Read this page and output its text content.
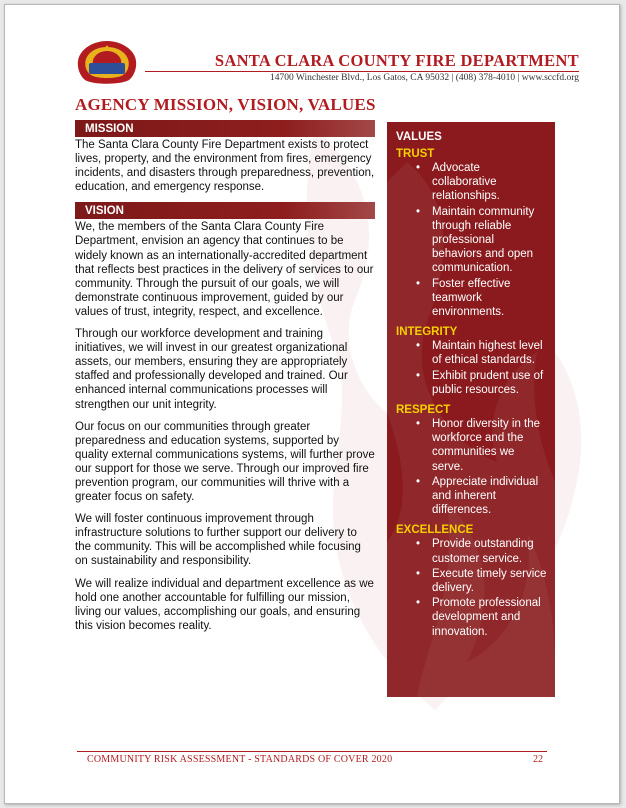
SANTA CLARA COUNTY FIRE DEPARTMENT
14700 Winchester Blvd., Los Gatos, CA 95032 | (408) 378-4010 | www.sccfd.org
AGENCY MISSION, VISION, VALUES
MISSION

The Santa Clara County Fire Department exists to protect lives, property, and the environment from fires, emergency incidents, and disasters through preparedness, prevention, education, and emergency response.

VISION

We, the members of the Santa Clara County Fire Department, envision an agency that continues to be widely known as an internationally-accredited department that reflects best practices in the delivery of services to our community. Through the pursuit of our goals, we will demonstrate continuous improvement, guided by our values of trust, integrity, respect, and excellence.

Through our workforce development and training initiatives, we will invest in our greatest organizational assets, our members, ensuring they are appropriately staffed and professionally developed and trained. Our enhanced internal communications processes will strengthen our unit integrity.

Our focus on our communities through greater preparedness and education systems, supported by quality external communications systems, will further prove our support for those we serve. Through our improved fire prevention program, our communities will thrive with a greater focus on safety.

We will foster continuous improvement through infrastructure solutions to further support our delivery to the community. This will be accomplished while focusing on sustainability and responsibility.

We will realize individual and department excellence as we hold one another accountable for fulfilling our mission, living our values, accomplishing our goals, and ensuring this vision becomes reality.

VALUES
TRUST
•	Advocate collaborative relationships.
•	Maintain community through reliable professional behaviors and open communication.
•	Foster effective teamwork environments.
INTEGRITY
•	Maintain highest level of ethical standards.
•	Exhibit prudent use of public resources.
RESPECT
•	Honor diversity in the workforce and the communities we serve.
•	Appreciate individual and inherent differences.
EXCELLENCE
•	Provide outstanding customer service.
•	Execute timely service delivery.
•	Promote professional development and innovation.
COMMUNITY RISK ASSESSMENT - STANDARDS OF COVER 2020	22
